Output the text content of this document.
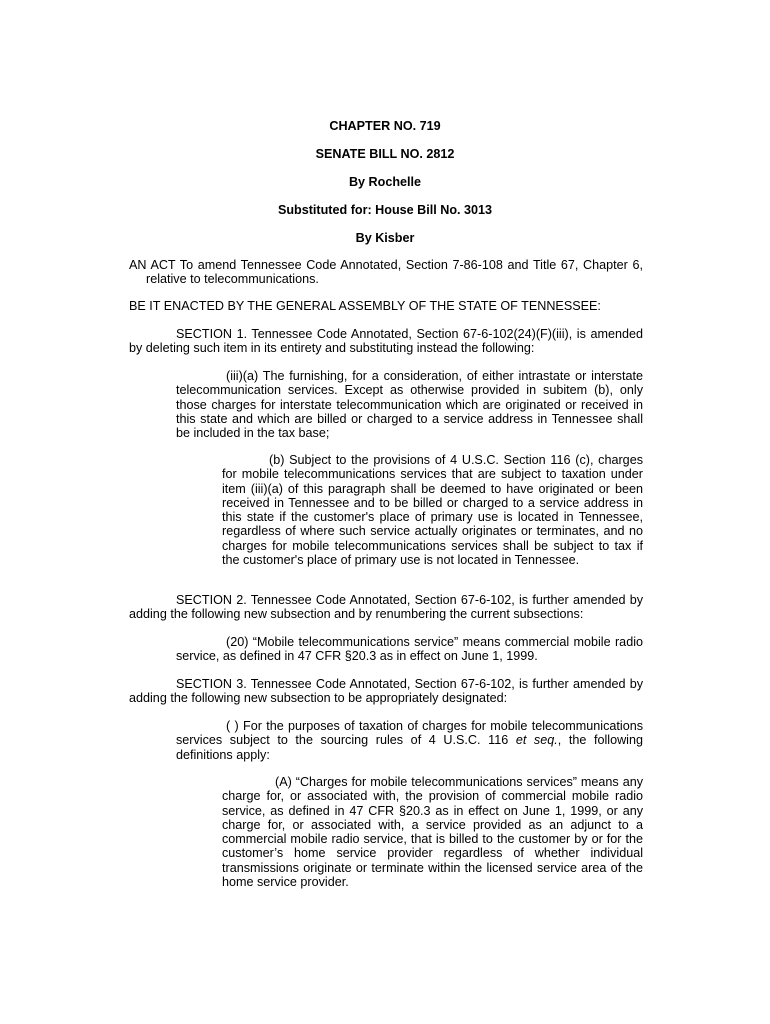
CHAPTER NO. 719
SENATE BILL NO. 2812
By Rochelle
Substituted for: House Bill No. 3013
By Kisber

AN ACT To amend Tennessee Code Annotated, Section 7-86-108 and Title 67, Chapter 6, relative to telecommunications.

BE IT ENACTED BY THE GENERAL ASSEMBLY OF THE STATE OF TENNESSEE:

SECTION 1. Tennessee Code Annotated, Section 67-6-102(24)(F)(iii), is amended by deleting such item in its entirety and substituting instead the following:

(iii)(a) The furnishing, for a consideration, of either intrastate or interstate telecommunication services. Except as otherwise provided in subitem (b), only those charges for interstate telecommunication which are originated or received in this state and which are billed or charged to a service address in Tennessee shall be included in the tax base;

(b) Subject to the provisions of 4 U.S.C. Section 116 (c), charges for mobile telecommunications services that are subject to taxation under item (iii)(a) of this paragraph shall be deemed to have originated or been received in Tennessee and to be billed or charged to a service address in this state if the customer's place of primary use is located in Tennessee, regardless of where such service actually originates or terminates, and no charges for mobile telecommunications services shall be subject to tax if the customer's place of primary use is not located in Tennessee.

SECTION 2. Tennessee Code Annotated, Section 67-6-102, is further amended by adding the following new subsection and by renumbering the current subsections:

(20) “Mobile telecommunications service” means commercial mobile radio service, as defined in 47 CFR §20.3 as in effect on June 1, 1999.

SECTION 3. Tennessee Code Annotated, Section 67-6-102, is further amended by adding the following new subsection to be appropriately designated:

( ) For the purposes of taxation of charges for mobile telecommunications services subject to the sourcing rules of 4 U.S.C. 116 et seq., the following definitions apply:

(A) “Charges for mobile telecommunications services” means any charge for, or associated with, the provision of commercial mobile radio service, as defined in 47 CFR §20.3 as in effect on June 1, 1999, or any charge for, or associated with, a service provided as an adjunct to a commercial mobile radio service, that is billed to the customer by or for the customer’s home service provider regardless of whether individual transmissions originate or terminate within the licensed service area of the home service provider.
